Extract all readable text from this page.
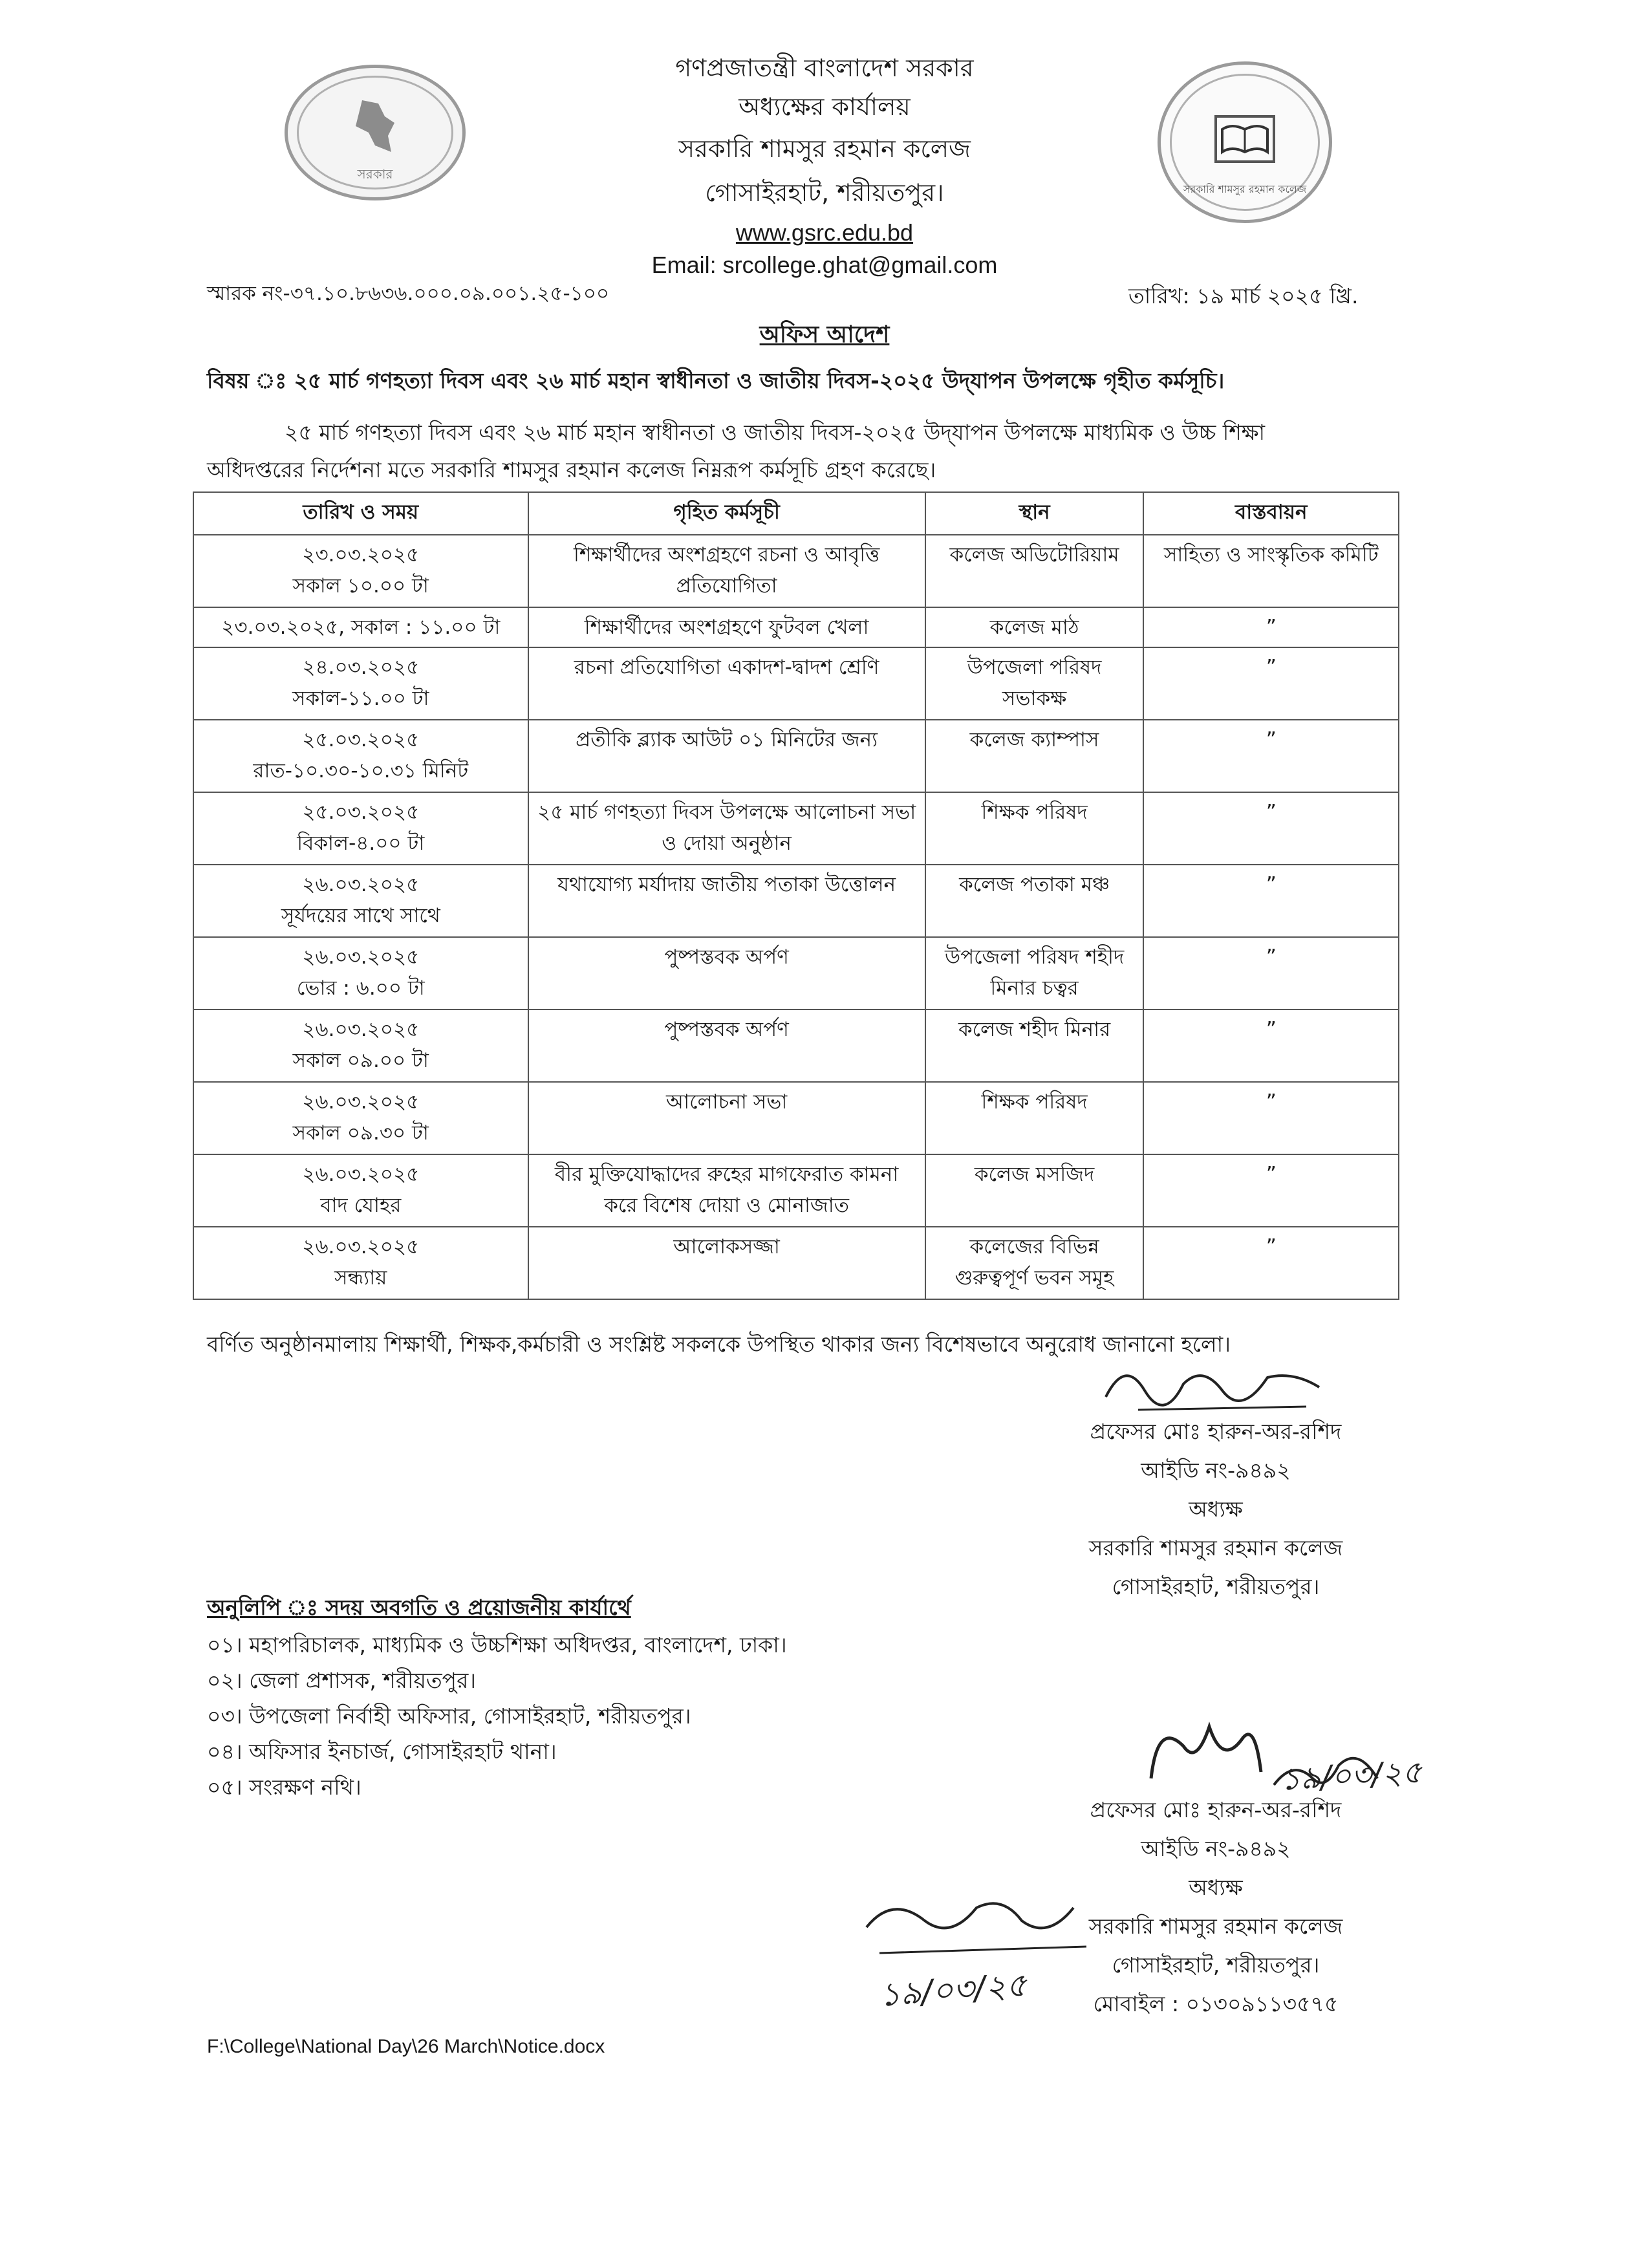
সরকার
সরকারি শামসুর রহমান কলেজ
গণপ্রজাতন্ত্রী বাংলাদেশ সরকার
অধ্যক্ষের কার্যালয়
সরকারি শামসুর রহমান কলেজ
গোসাইরহাট, শরীয়তপুর।
www.gsrc.edu.bd
Email: srcollege.ghat@gmail.com
স্মারক নং-৩৭.১০.৮৬৩৬.০০০.০৯.০০১.২৫-১০০	তারিখ: ১৯ মার্চ ২০২৫ খ্রি.
অফিস আদেশ
বিষয় ঃ ২৫ মার্চ গণহত্যা দিবস এবং ২৬ মার্চ মহান স্বাধীনতা ও জাতীয় দিবস-২০২৫ উদ্‌যাপন উপলক্ষে গৃহীত কর্মসূচি।
২৫ মার্চ গণহত্যা দিবস এবং ২৬ মার্চ মহান স্বাধীনতা ও জাতীয় দিবস-২০২৫ উদ্‌যাপন উপলক্ষে মাধ্যমিক ও উচ্চ শিক্ষা
অধিদপ্তরের নির্দেশনা মতে সরকারি শামসুর রহমান কলেজ নিম্নরূপ কর্মসূচি গ্রহণ করেছে।
তারিখ ও সময়	গৃহিত কর্মসূচী	স্থান	বাস্তবায়ন

২৩.০৩.২০২৫
সকাল ১০.০০ টা	শিক্ষার্থীদের অংশগ্রহণে রচনা ও আবৃত্তি প্রতিযোগিতা	কলেজ অডিটোরিয়াম	সাহিত্য ও সাংস্কৃতিক কমিটি

২৩.০৩.২০২৫, সকাল : ১১.০০ টা	শিক্ষার্থীদের অংশগ্রহণে ফুটবল খেলা	কলেজ মাঠ	”

২৪.০৩.২০২৫
সকাল-১১.০০ টা	রচনা প্রতিযোগিতা একাদশ-দ্বাদশ শ্রেণি	উপজেলা পরিষদ সভাকক্ষ	”

২৫.০৩.২০২৫
রাত-১০.৩০-১০.৩১ মিনিট	প্রতীকি ব্ল্যাক আউট ০১ মিনিটের জন্য	কলেজ ক্যাম্পাস	”

২৫.০৩.২০২৫
বিকাল-৪.০০ টা	২৫ মার্চ গণহত্যা দিবস উপলক্ষে আলোচনা সভা ও দোয়া অনুষ্ঠান	শিক্ষক পরিষদ	”

২৬.০৩.২০২৫
সূর্যদয়ের সাথে সাথে	যথাযোগ্য মর্যাদায় জাতীয় পতাকা উত্তোলন	কলেজ পতাকা মঞ্চ	”

২৬.০৩.২০২৫
ভোর : ৬.০০ টা	পুষ্পস্তবক অর্পণ	উপজেলা পরিষদ শহীদ মিনার চত্বর	”

২৬.০৩.২০২৫
সকাল ০৯.০০ টা	পুষ্পস্তবক অর্পণ	কলেজ শহীদ মিনার	”

২৬.০৩.২০২৫
সকাল ০৯.৩০ টা	আলোচনা সভা	শিক্ষক পরিষদ	”

২৬.০৩.২০২৫
বাদ যোহর	বীর মুক্তিযোদ্ধাদের রুহের মাগফেরাত কামনা করে বিশেষ দোয়া ও মোনাজাত	কলেজ মসজিদ	”

২৬.০৩.২০২৫
সন্ধ্যায়	আলোকসজ্জা	কলেজের বিভিন্ন গুরুত্বপূর্ণ ভবন সমূহ	”
বর্ণিত অনুষ্ঠানমালায় শিক্ষার্থী, শিক্ষক,কর্মচারী ও সংশ্লিষ্ট সকলকে উপস্থিত থাকার জন্য বিশেষভাবে অনুরোধ জানানো হলো।
প্রফেসর মোঃ হারুন-অর-রশিদ
আইডি নং-৯৪৯২
অধ্যক্ষ
সরকারি শামসুর রহমান কলেজ
গোসাইরহাট, শরীয়তপুর।
অনুলিপি ঃ সদয় অবগতি ও প্রয়োজনীয় কার্যার্থে
০১। মহাপরিচালক, মাধ্যমিক ও উচ্চশিক্ষা অধিদপ্তর, বাংলাদেশ, ঢাকা।
০২। জেলা প্রশাসক, শরীয়তপুর।
০৩। উপজেলা নির্বাহী অফিসার, গোসাইরহাট, শরীয়তপুর।
০৪। অফিসার ইনচার্জ, গোসাইরহাট থানা।
০৫। সংরক্ষণ নথি।
প্রফেসর মোঃ হারুন-অর-রশিদ
আইডি নং-৯৪৯২
অধ্যক্ষ
সরকারি শামসুর রহমান কলেজ
গোসাইরহাট, শরীয়তপুর।
মোবাইল : ০১৩০৯১১৩৫৭৫
১৯/০৩/২৫
১৯/০৩/২৫
F:\College\National Day\26 March\Notice.docx
